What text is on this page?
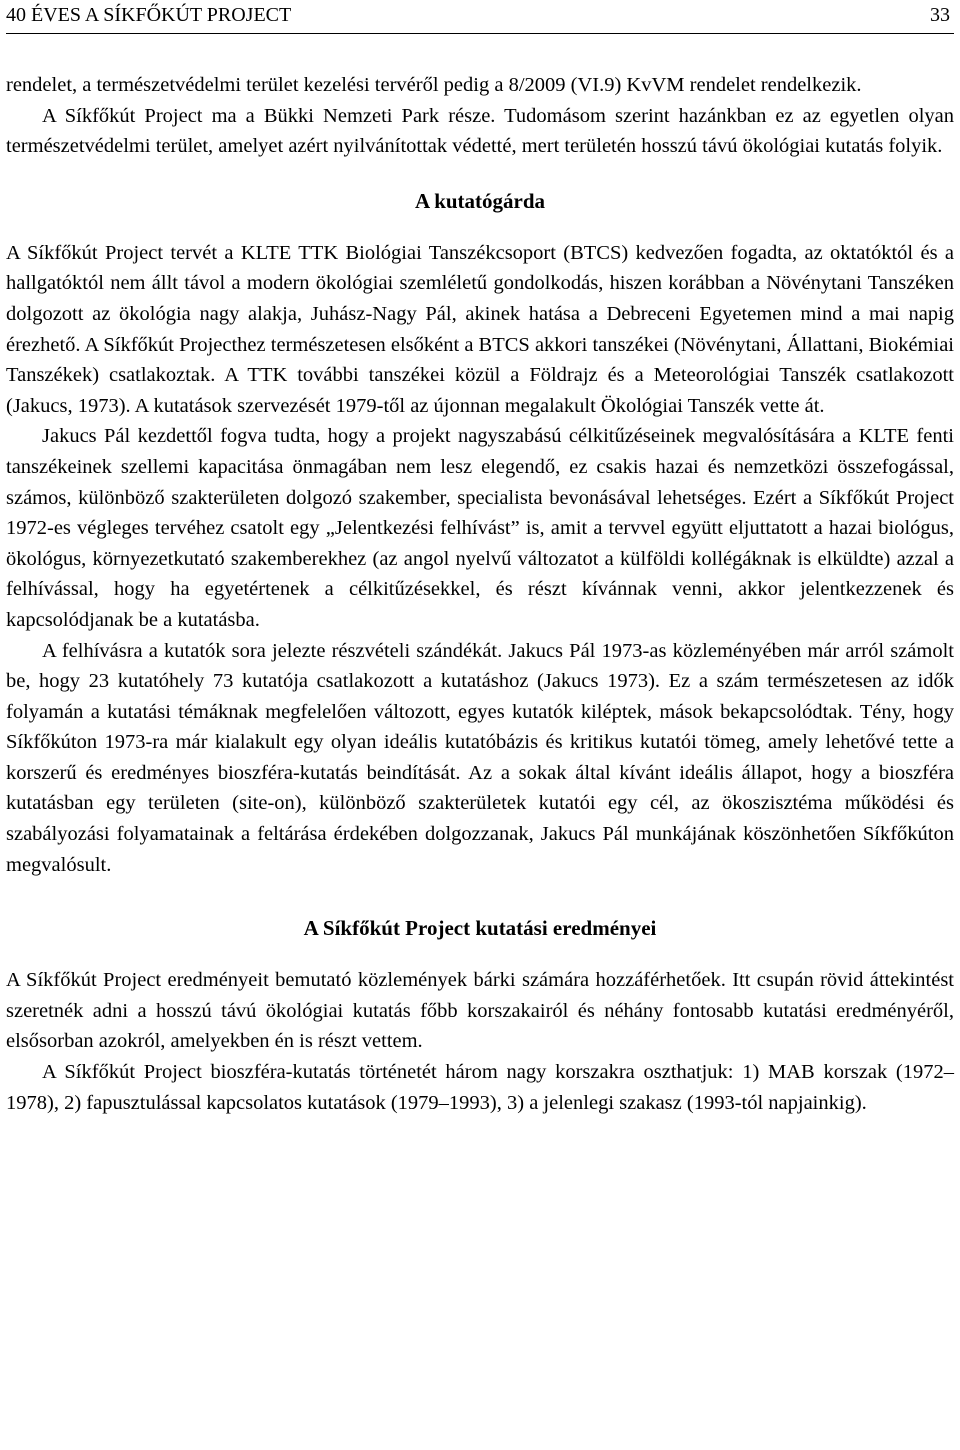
40 ÉVES A SÍKFŐKÚT PROJECT	33

rendelet, a természetvédelmi terület kezelési tervéről pedig a 8/2009 (VI.9) KvVM rendelet rendelkezik.

A Síkfőkút Project ma a Bükki Nemzeti Park része. Tudomásom szerint hazánkban ez az egyetlen olyan természetvédelmi terület, amelyet azért nyilvánítottak védetté, mert területén hosszú távú ökológiai kutatás folyik.

A kutatógárda

A Síkfőkút Project tervét a KLTE TTK Biológiai Tanszékcsoport (BTCS) kedvezően fogadta, az oktatóktól és a hallgatóktól nem állt távol a modern ökológiai szemléletű gondolkodás, hiszen korábban a Növénytani Tanszéken dolgozott az ökológia nagy alakja, Juhász-Nagy Pál, akinek hatása a Debreceni Egyetemen mind a mai napig érezhető. A Síkfőkút Projecthez természetesen elsőként a BTCS akkori tanszékei (Növénytani, Állattani, Biokémiai Tanszékek) csatlakoztak. A TTK további tanszékei közül a Földrajz és a Meteorológiai Tanszék csatlakozott (Jakucs, 1973). A kutatások szervezését 1979-től az újonnan megalakult Ökológiai Tanszék vette át.

Jakucs Pál kezdettől fogva tudta, hogy a projekt nagyszabású célkitűzéseinek megvalósítására a KLTE fenti tanszékeinek szellemi kapacitása önmagában nem lesz elegendő, ez csakis hazai és nemzetközi összefogással, számos, különböző szakterületen dolgozó szakember, specialista bevonásával lehetséges. Ezért a Síkfőkút Project 1972-es végleges tervéhez csatolt egy „Jelentkezési felhívást” is, amit a tervvel együtt eljuttatott a hazai biológus, ökológus, környezetkutató szakemberekhez (az angol nyelvű változatot a külföldi kollégáknak is elküldte) azzal a felhívással, hogy ha egyetértenek a célkitűzésekkel, és részt kívánnak venni, akkor jelentkezzenek és kapcsolódjanak be a kutatásba.

A felhívásra a kutatók sora jelezte részvételi szándékát. Jakucs Pál 1973-as közleményében már arról számolt be, hogy 23 kutatóhely 73 kutatója csatlakozott a kutatáshoz (Jakucs 1973). Ez a szám természetesen az idők folyamán a kutatási témáknak megfelelően változott, egyes kutatók kiléptek, mások bekapcsolódtak. Tény, hogy Síkfőkúton 1973-ra már kialakult egy olyan ideális kutatóbázis és kritikus kutatói tömeg, amely lehetővé tette a korszerű és eredményes bioszféra-kutatás beindítását. Az a sokak által kívánt ideális állapot, hogy a bioszféra kutatásban egy területen (site-on), különböző szakterületek kutatói egy cél, az ökoszisztéma működési és szabályozási folyamatainak a feltárása érdekében dolgozzanak, Jakucs Pál munkájának köszönhetően Síkfőkúton megvalósult.

A Síkfőkút Project kutatási eredményei

A Síkfőkút Project eredményeit bemutató közlemények bárki számára hozzáférhetőek. Itt csupán rövid áttekintést szeretnék adni a hosszú távú ökológiai kutatás főbb korszakairól és néhány fontosabb kutatási eredményéről, elsősorban azokról, amelyekben én is részt vettem.

A Síkfőkút Project bioszféra-kutatás történetét három nagy korszakra oszthatjuk: 1) MAB korszak (1972–1978), 2) fapusztulással kapcsolatos kutatások (1979–1993), 3) a jelenlegi szakasz (1993-tól napjainkig).
